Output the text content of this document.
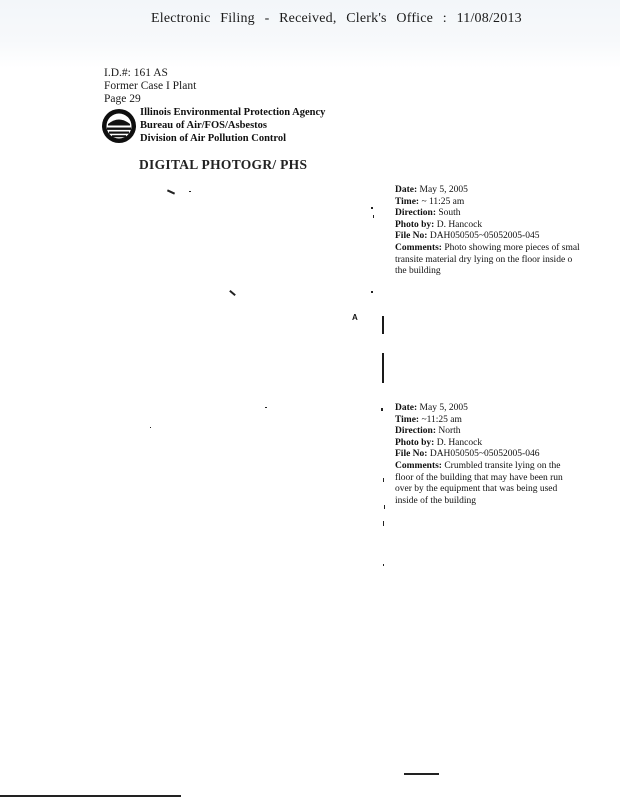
Electronic Filing - Received, Clerk's Office : 11/08/2013
I.D.#: 161 AS
Former Case I Plant
Page 29
Illinois Environmental Protection Agency
Bureau of Air/FOS/Asbestos
Division of Air Pollution Control
DIGITAL PHOTOGR/ PHS
Date: May 5, 2005
Time: ~ 11:25 am
Direction: South
Photo by: D. Hancock
File No: DAH050505~05052005-045
Comments: Photo showing more pieces of smal
transite material dry lying on the floor inside o
the building
Date: May 5, 2005
Time: ~11:25 am
Direction: North
Photo by: D. Hancock
File No: DAH050505~05052005-046
Comments: Crumbled transite lying on the
floor of the building that may have been run
over by the equipment that was being used
inside of the building
A
